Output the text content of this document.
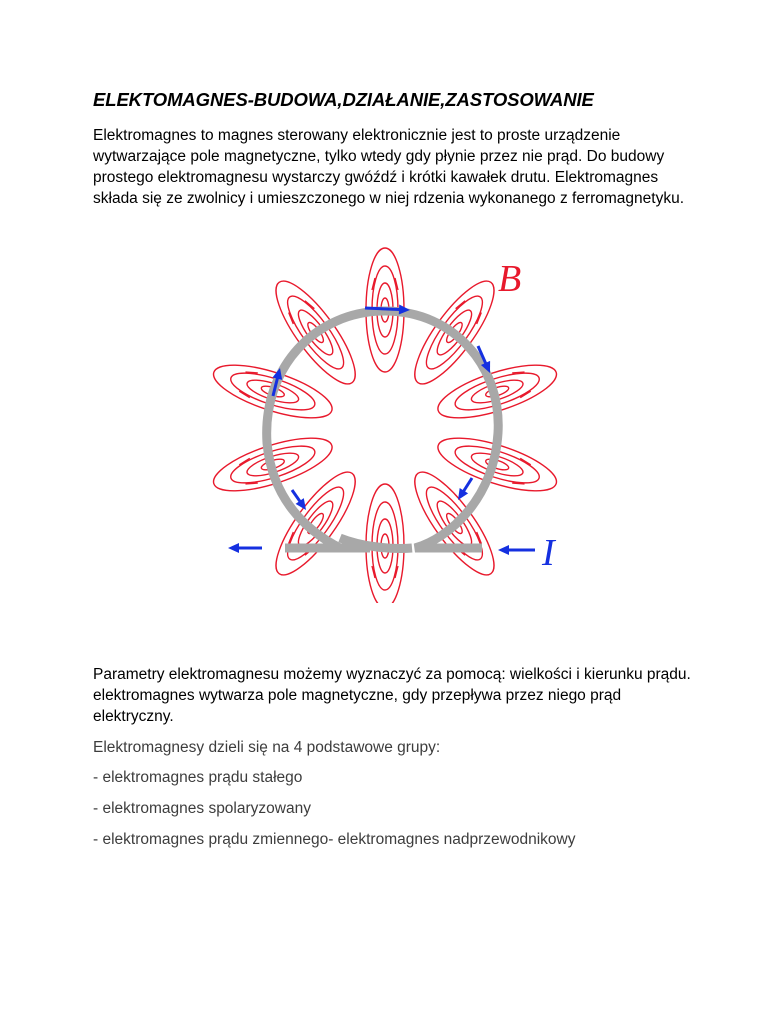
ELEKTOMAGNES-BUDOWA,DZIAŁANIE,ZASTOSOWANIE

Elektromagnes to magnes sterowany elektronicznie jest to proste urządzenie wytwarzające pole magnetyczne, tylko wtedy gdy płynie przez nie prąd. Do budowy prostego elektromagnesu wystarczy gwóźdź i krótki kawałek drutu. Elektromagnes składa się ze zwolnicy i umieszczonego w niej rdzenia wykonanego z ferromagnetyku.

B
I

Parametry elektromagnesu możemy wyznaczyć za pomocą: wielkości i kierunku prądu. elektromagnes wytwarza pole magnetyczne, gdy przepływa przez niego prąd elektryczny.

Elektromagnesy dzieli się na 4 podstawowe grupy:

- elektromagnes prądu stałego

- elektromagnes spolaryzowany

- elektromagnes prądu zmiennego- elektromagnes nadprzewodnikowy
